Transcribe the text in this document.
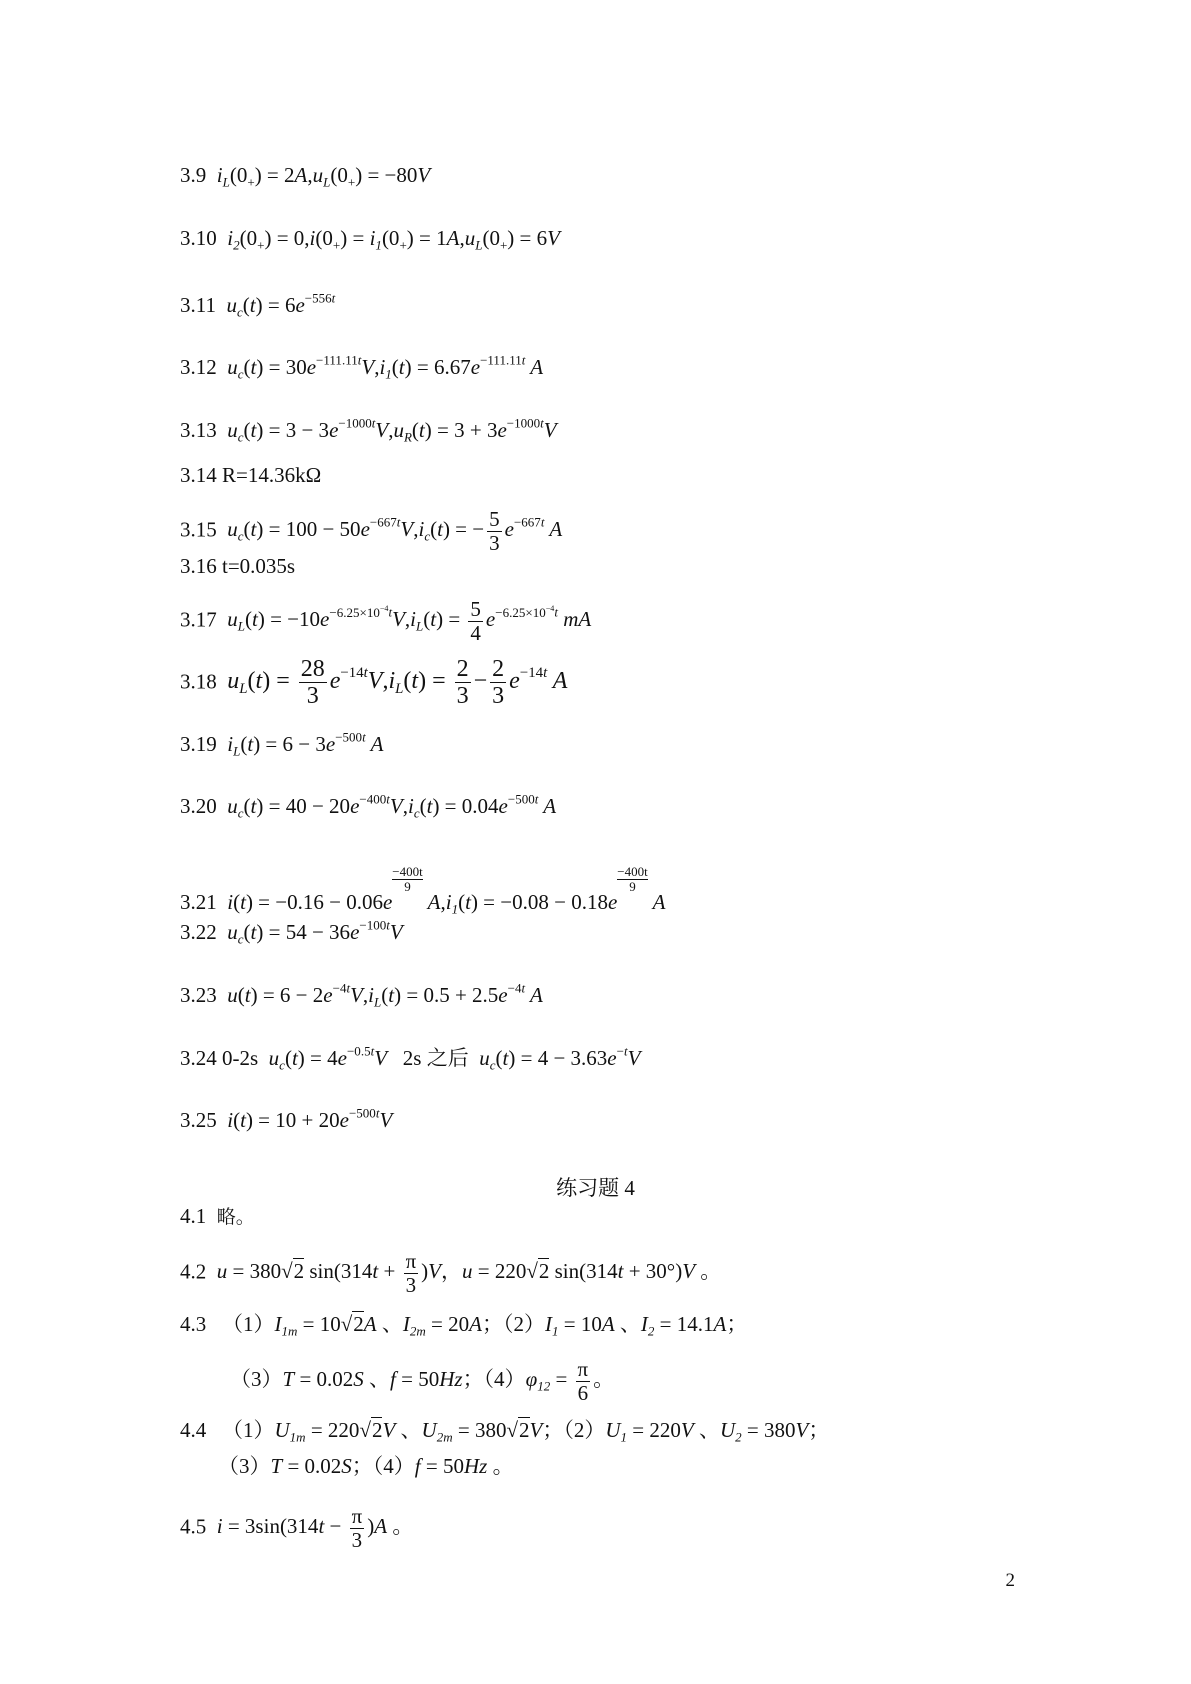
3.9 $i_L(0_+) = 2A,u_L(0_+) = -80V$
3.10 $i_2(0_+) = 0,i(0_+) = i_1(0_+) = 1A,u_L(0_+) = 6V$
3.11 $u_c(t) = 6e^{-556t}$
3.12 $u_c(t) = 30e^{-111.11t}V,i_1(t) = 6.67e^{-111.11t}$ A
3.13 $u_c(t) = 3 - 3e^{-1000t}V,u_R(t) = 3 + 3e^{-1000t}V$
3.14 R=14.36kΩ
3.15 $u_c(t) = 100 - 50e^{-667t}V,i_c(t)$ = − $\frac{5}{3} e^{-667t}$ A
3.16 t=0.035s
3.17 $u_L(t) = -10e^{-6.25\times 10^{-4}t}V,i_L(t) = \frac{5}{4} e^{-6.25\times 10^{-4}t}$ mA
3.18 $u_L(t) = \frac{28}{3} e^{-14t}V,i_L(t) = \frac{2}{3} - \frac{2}{3} e^{-14t}$ A
3.19 $i_L(t) = 6 - 3e^{-500t}$ A
3.20 $u_c(t) = 40 - 20e^{-400t}V,i_c(t) = 0.04e^{-500t}$ A
3.21 i(t) = −0.16 − 0.06e
$\frac{-400t}{9}$
$A,i_1(t) = -0.08 - 0.18e$
$\frac{-400t}{9}$
A
3.22 $u_c(t) = 54 - 36e^{-100t}V$
3.23 $u(t) = 6 - 2e^{-4t}V,i_L(t) = 0.5 + 2.5e^{-4t}$ A
3.24 0-2s $u_c(t) = 4e^{-0.5t}V$ 2s 之后 $u_c(t) = 4 - 3.63e^{-t}V$
3.25 $i(t) = 10 + 20e^{-500t}V$
练习题 4
4.1 略。
4.2 u = 380√2 $\sin(314t + \frac{\pi}{3} )V$，u = 220√2 sin(314t + 30°)V 。
4.3 $(1)I_{1m} = 10√2A$ 、$I_{2m} = 20A$；$(2)I_1 = 10A$ 、$I_2 = 14.1A$；
（3）T = 0.02S 、f = 50Hz；$(4)\varphi_{12} = \frac{\pi}{6}$ 。
4.4 $(1)U_{1m} = 220√2V$ 、$U_{2m} = 380√2V$；$(2)U_1 = 220V$ 、$U_2 = 380V$；
（3）T = 0.02S；（4）f = 50Hz 。
4.5 $i = 3\sin(314t - \frac{\pi}{3} )A$ 。
2
